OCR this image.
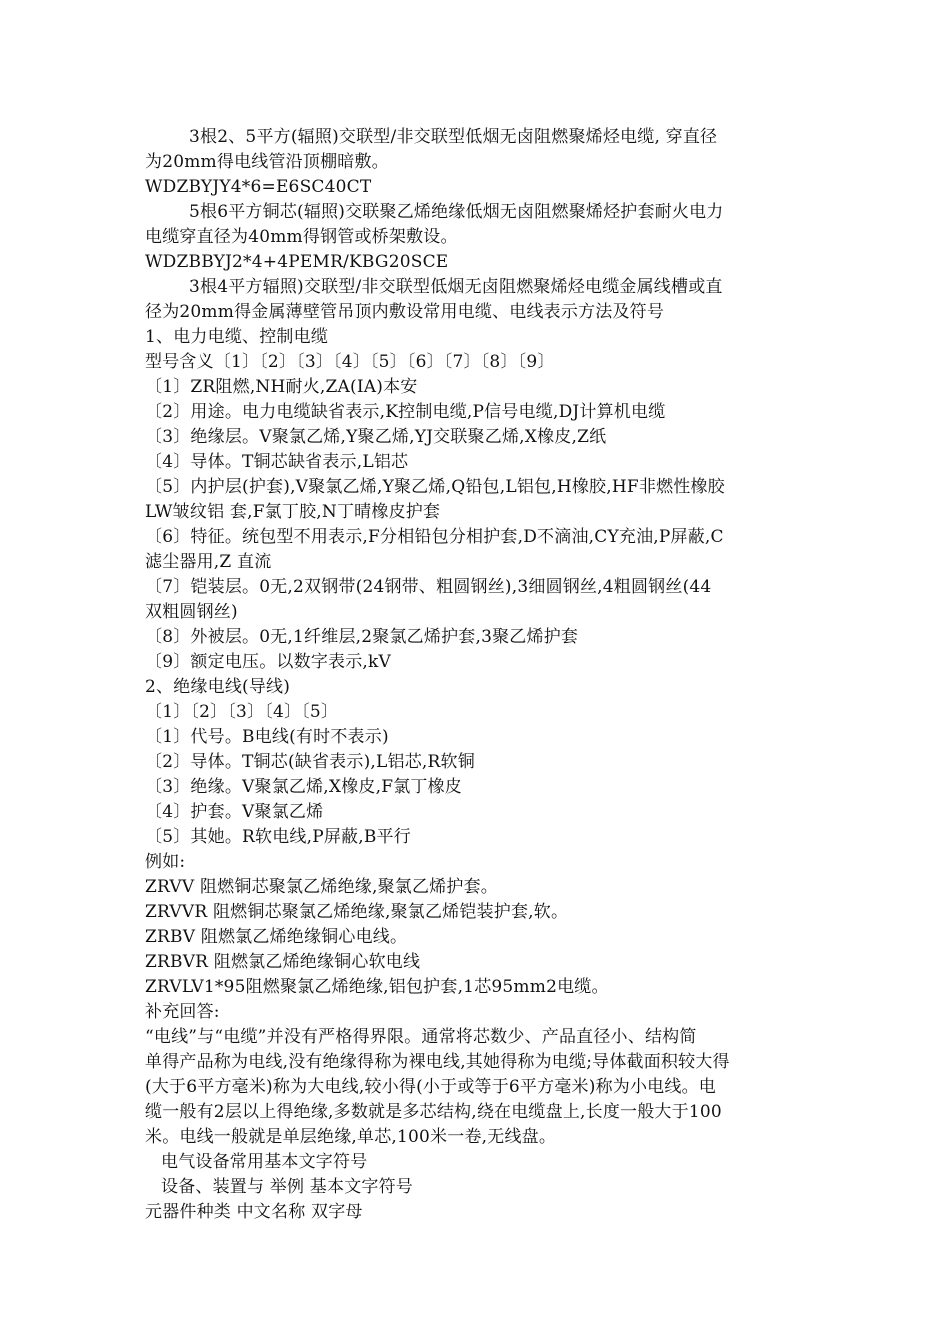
3根2、5平方(辐照)交联型/非交联型低烟无卤阻燃聚烯烃电缆, 穿直径
为20mm得电线管沿顶棚暗敷。
WDZBYJY4*6=E6SC40CT
5根6平方铜芯(辐照)交联聚乙烯绝缘低烟无卤阻燃聚烯烃护套耐火电力
电缆穿直径为40mm得钢管或桥架敷设。
WDZBBYJ2*4+4PEMR/KBG20SCE
3根4平方辐照)交联型/非交联型低烟无卤阻燃聚烯烃电缆金属线槽或直
径为20mm得金属薄壁管吊顶内敷设常用电缆、电线表示方法及符号
1、电力电缆、控制电缆
型号含义〔1〕〔2〕〔3〕〔4〕〔5〕〔6〕〔7〕〔8〕〔9〕
〔1〕ZR阻燃,NH耐火,ZA(IA)本安
〔2〕用途。电力电缆缺省表示,K控制电缆,P信号电缆,DJ计算机电缆
〔3〕绝缘层。V聚氯乙烯,Y聚乙烯,YJ交联聚乙烯,X橡皮,Z纸
〔4〕导体。T铜芯缺省表示,L铝芯
〔5〕内护层(护套),V聚氯乙烯,Y聚乙烯,Q铅包,L铝包,H橡胶,HF非燃性橡胶
LW皱纹铝 套,F氯丁胶,N丁晴橡皮护套
〔6〕特征。统包型不用表示,F分相铅包分相护套,D不滴油,CY充油,P屏蔽,C
滤尘器用,Z 直流
〔7〕铠装层。0无,2双钢带(24钢带、粗圆钢丝),3细圆钢丝,4粗圆钢丝(44
双粗圆钢丝)
〔8〕外被层。0无,1纤维层,2聚氯乙烯护套,3聚乙烯护套
〔9〕额定电压。以数字表示,kV
2、绝缘电线(导线)
〔1〕〔2〕〔3〕〔4〕〔5〕
〔1〕代号。B电线(有时不表示)
〔2〕导体。T铜芯(缺省表示),L铝芯,R软铜
〔3〕绝缘。V聚氯乙烯,X橡皮,F氯丁橡皮
〔4〕护套。V聚氯乙烯
〔5〕其她。R软电线,P屏蔽,B平行
例如:
ZRVV 阻燃铜芯聚氯乙烯绝缘,聚氯乙烯护套。
ZRVVR 阻燃铜芯聚氯乙烯绝缘,聚氯乙烯铠装护套,软。
ZRBV 阻燃氯乙烯绝缘铜心电线。
ZRBVR 阻燃氯乙烯绝缘铜心软电线
ZRVLV1*95阻燃聚氯乙烯绝缘,铝包护套,1芯95mm2电缆。
补充回答:
“电线”与“电缆”并没有严格得界限。通常将芯数少、产品直径小、结构简
单得产品称为电线,没有绝缘得称为裸电线,其她得称为电缆;导体截面积较大得
(大于6平方毫米)称为大电线,较小得(小于或等于6平方毫米)称为小电线。电
缆一般有2层以上得绝缘,多数就是多芯结构,绕在电缆盘上,长度一般大于100
米。电线一般就是单层绝缘,单芯,100米一卷,无线盘。
电气设备常用基本文字符号
设备、装置与 举例 基本文字符号
元器件种类 中文名称 双字母
